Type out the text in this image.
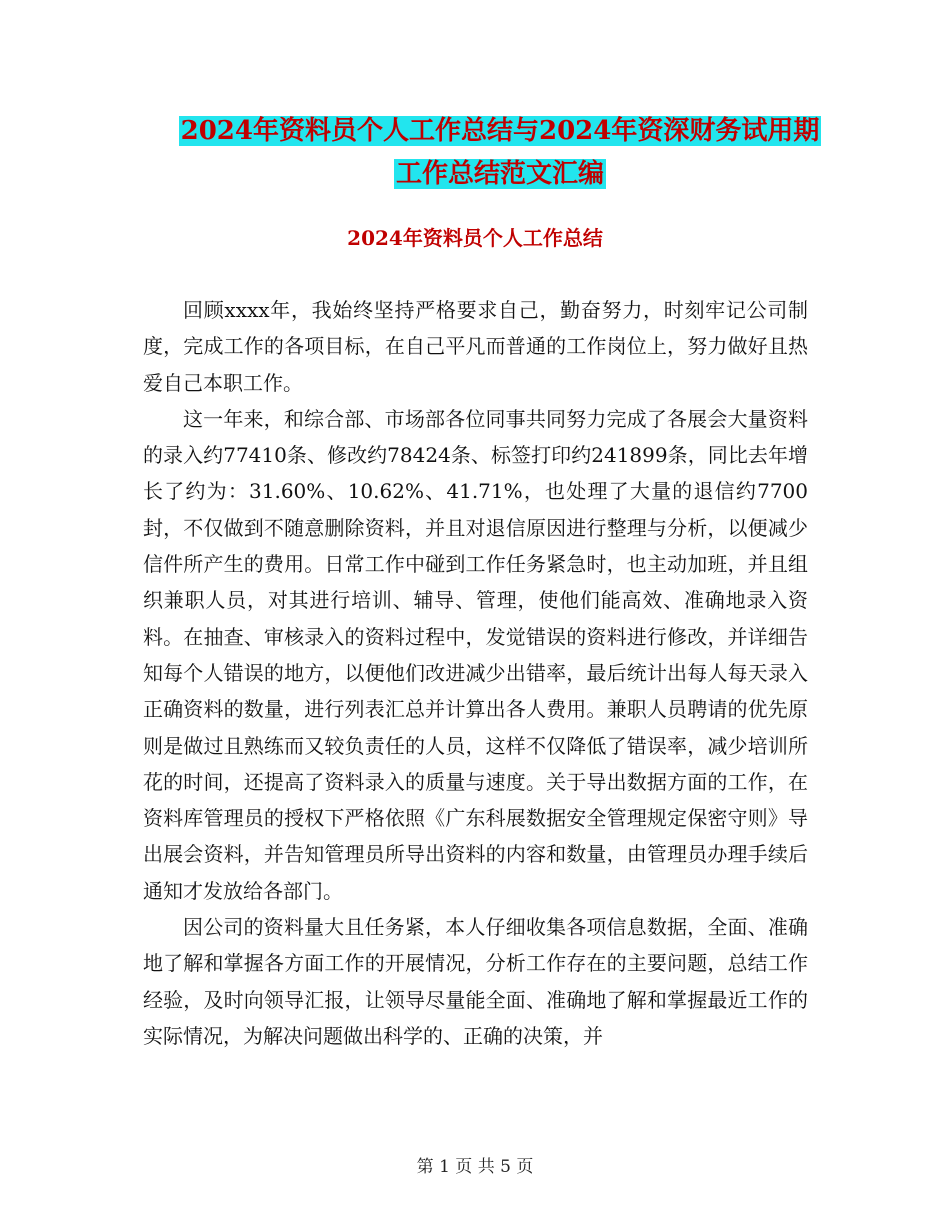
2024年资料员个人工作总结与2024年资深财务试用期
工作总结范文汇编
2024年资料员个人工作总结

回顾xxxx年，我始终坚持严格要求自己，勤奋努力，时刻牢记公司制度，完成工作的各项目标，在自己平凡而普通的工作岗位上，努力做好且热爱自己本职工作。

这一年来，和综合部、市场部各位同事共同努力完成了各展会大量资料的录入约77410条、修改约78424条、标签打印约241899条，同比去年增长了约为：31.60%、10.62%、41.71%，也处理了大量的退信约7700封，不仅做到不随意删除资料，并且对退信原因进行整理与分析，以便减少信件所产生的费用。日常工作中碰到工作任务紧急时，也主动加班，并且组织兼职人员，对其进行培训、辅导、管理，使他们能高效、准确地录入资料。在抽查、审核录入的资料过程中，发觉错误的资料进行修改，并详细告知每个人错误的地方，以便他们改进减少出错率，最后统计出每人每天录入正确资料的数量，进行列表汇总并计算出各人费用。兼职人员聘请的优先原则是做过且熟练而又较负责任的人员，这样不仅降低了错误率，减少培训所花的时间，还提高了资料录入的质量与速度。关于导出数据方面的工作，在资料库管理员的授权下严格依照《广东科展数据安全管理规定保密守则》导出展会资料，并告知管理员所导出资料的内容和数量，由管理员办理手续后通知才发放给各部门。

因公司的资料量大且任务紧，本人仔细收集各项信息数据，全面、准确地了解和掌握各方面工作的开展情况，分析工作存在的主要问题，总结工作经验，及时向领导汇报，让领导尽量能全面、准确地了解和掌握最近工作的实际情况，为解决问题做出科学的、正确的决策，并

第 1 页 共 5 页
